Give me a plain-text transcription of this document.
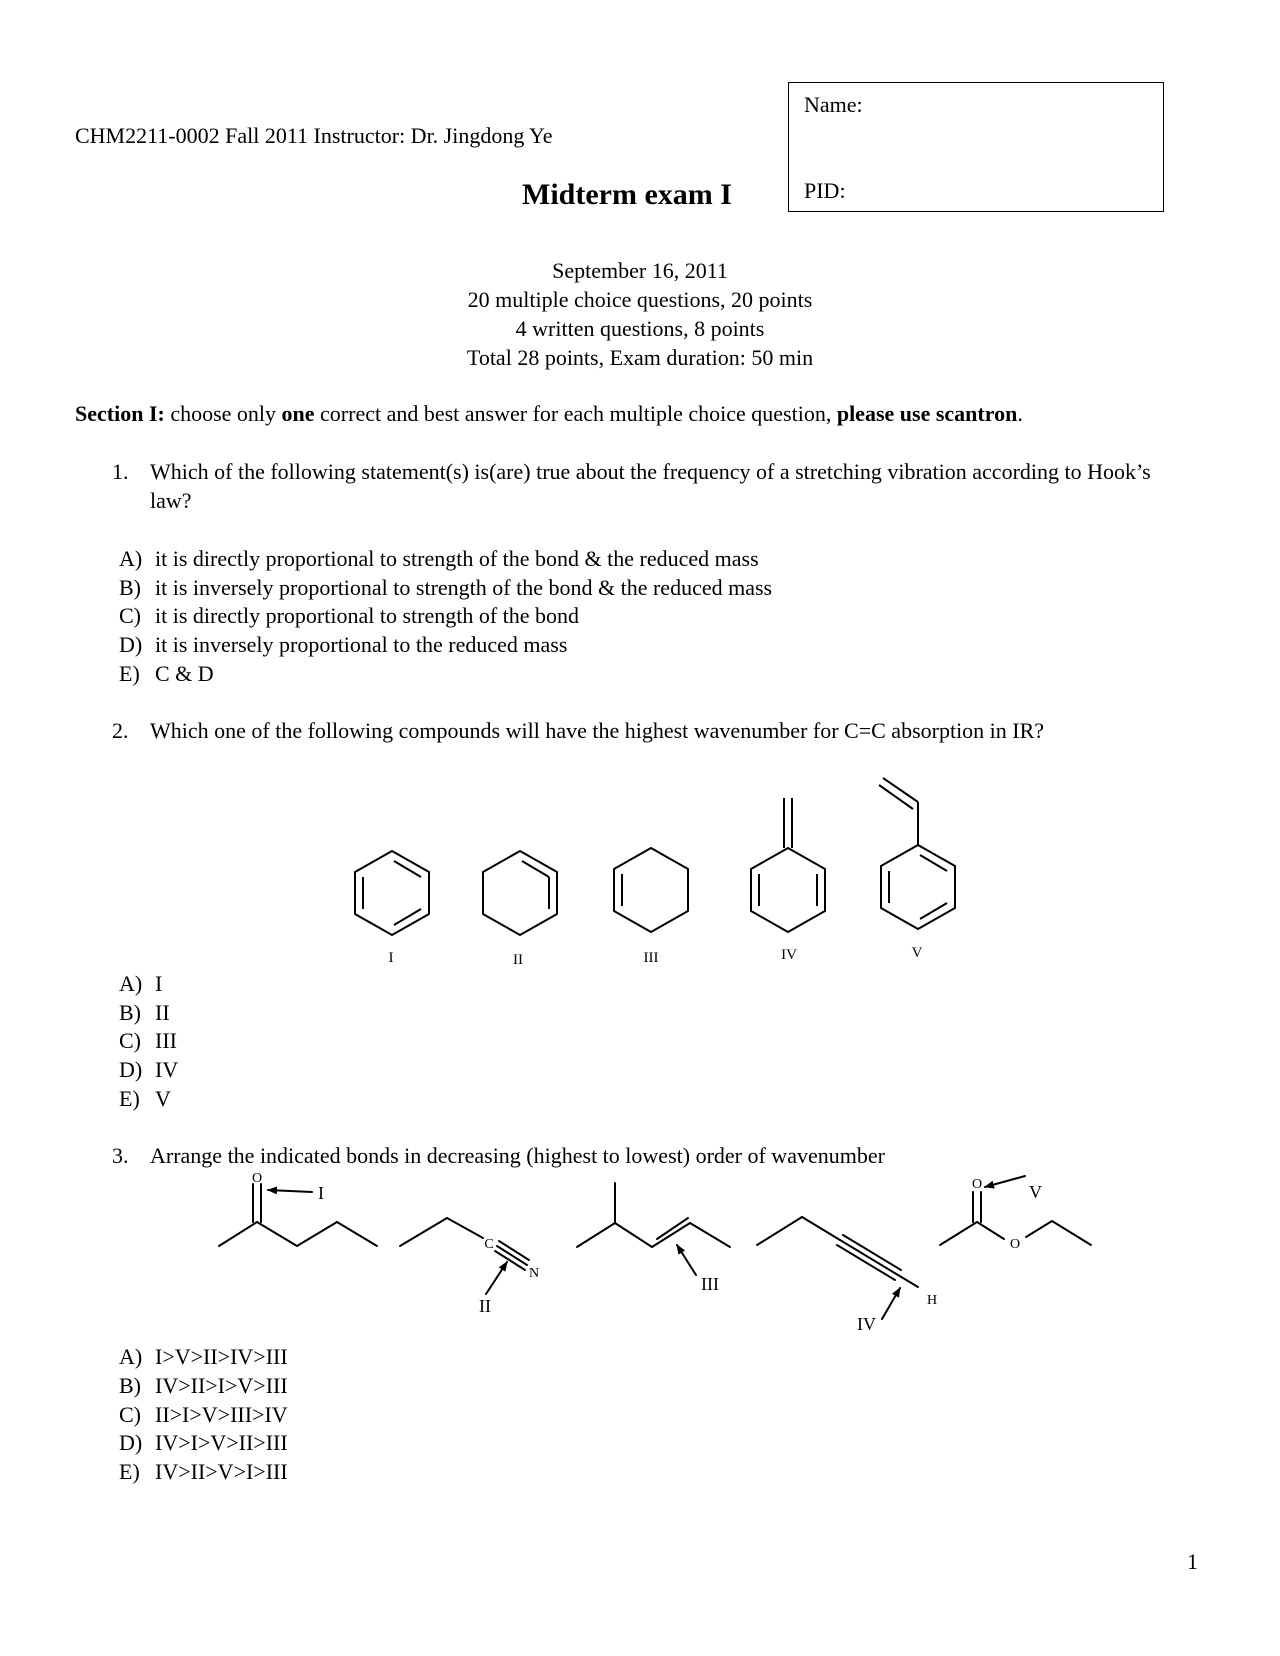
CHM2211-0002 Fall 2011 Instructor: Dr. Jingdong Ye
Name:
PID:
Midterm exam I
September 16, 2011
20 multiple choice questions, 20 points
4 written questions, 8 points
Total 28 points, Exam duration: 50 min
Section I: choose only one correct and best answer for each multiple choice question, please use scantron.
1. Which of the following statement(s) is(are) true about the frequency of a stretching vibration according to Hook’s law?
A) it is directly proportional to strength of the bond & the reduced mass
B) it is inversely proportional to strength of the bond & the reduced mass
C) it is directly proportional to strength of the bond
D) it is inversely proportional to the reduced mass
E) C & D
2. Which one of the following compounds will have the highest wavenumber for C=C absorption in IR?
I	II	III	IV	V
A) I
B) II
C) III
D) IV
E) V
3. Arrange the indicated bonds in decreasing (highest to lowest) order of wavenumber
O
C
N
H
O
O
I
II
III
IV
V
A) I>V>II>IV>III
B) IV>II>I>V>III
C) II>I>V>III>IV
D) IV>I>V>II>III
E) IV>II>V>I>III
1
